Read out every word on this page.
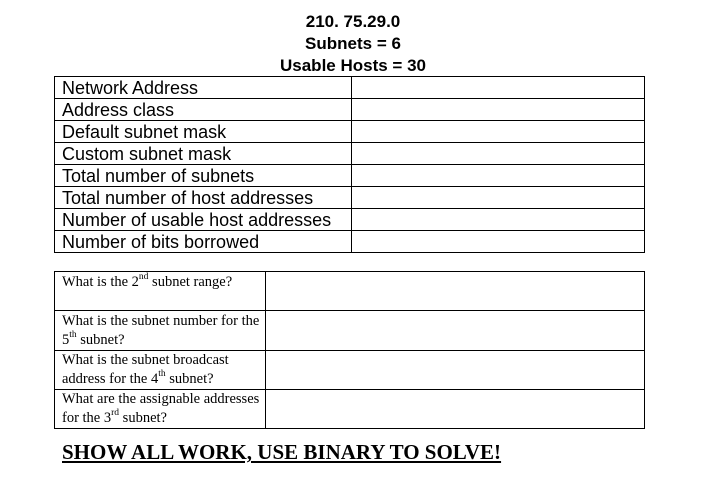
210. 75.29.0
Subnets = 6
Usable Hosts = 30
Network Address	
Address class	
Default subnet mask	
Custom subnet mask	
Total number of subnets	
Total number of host addresses	
Number of usable host addresses	
Number of bits borrowed	
What is the 2nd subnet range?	
What is the subnet number for the 5th subnet?	
What is the subnet broadcast address for the 4th subnet?	
What are the assignable addresses for the 3rd subnet?	
SHOW ALL WORK, USE BINARY TO SOLVE!
